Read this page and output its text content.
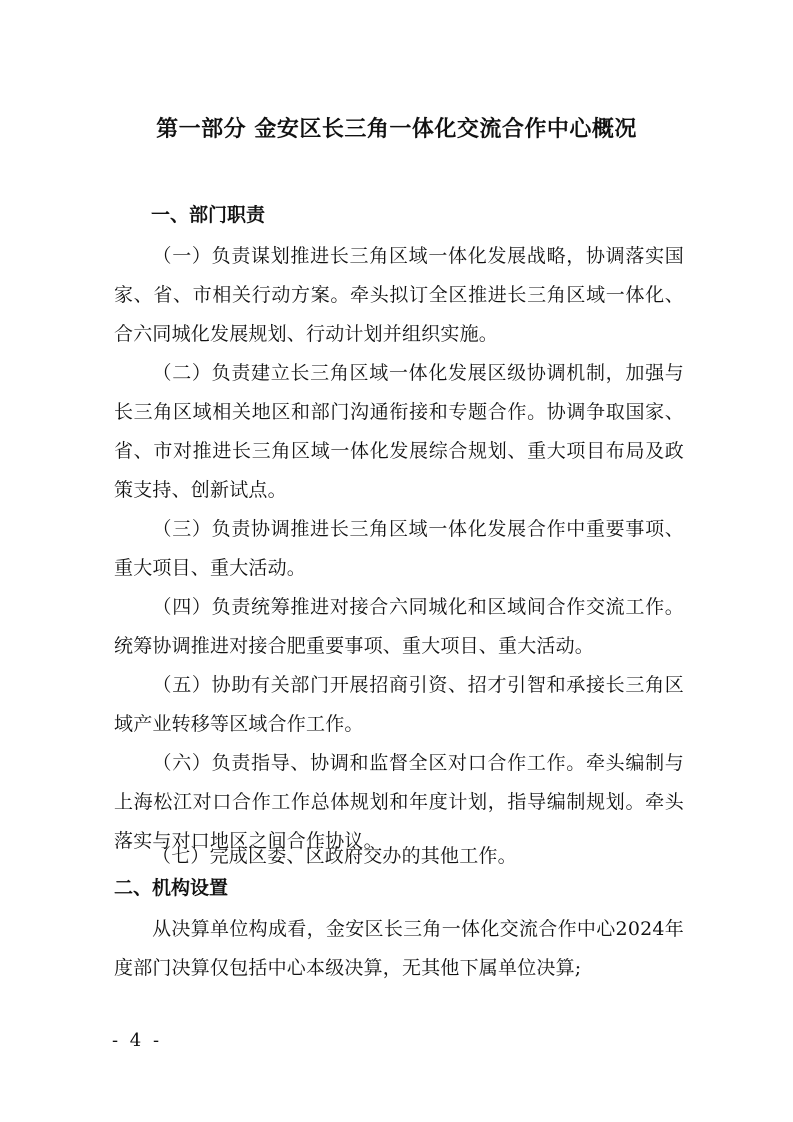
第一部分 金安区长三角一体化交流合作中心概况
一、部门职责
（一）负责谋划推进长三角区域一体化发展战略，协调落实国家、省、市相关行动方案。牵头拟订全区推进长三角区域一体化、合六同城化发展规划、行动计划并组织实施。
（二）负责建立长三角区域一体化发展区级协调机制，加强与长三角区域相关地区和部门沟通衔接和专题合作。协调争取国家、省、市对推进长三角区域一体化发展综合规划、重大项目布局及政策支持、创新试点。
（三）负责协调推进长三角区域一体化发展合作中重要事项、重大项目、重大活动。
（四）负责统筹推进对接合六同城化和区域间合作交流工作。统筹协调推进对接合肥重要事项、重大项目、重大活动。
（五）协助有关部门开展招商引资、招才引智和承接长三角区域产业转移等区域合作工作。
（六）负责指导、协调和监督全区对口合作工作。牵头编制与上海松江对口合作工作总体规划和年度计划，指导编制规划。牵头落实与对口地区之间合作协议。
（七）完成区委、区政府交办的其他工作。
二、机构设置
从决算单位构成看，金安区长三角一体化交流合作中心2024年度部门决算仅包括中心本级决算，无其他下属单位决算;
- 4 -
